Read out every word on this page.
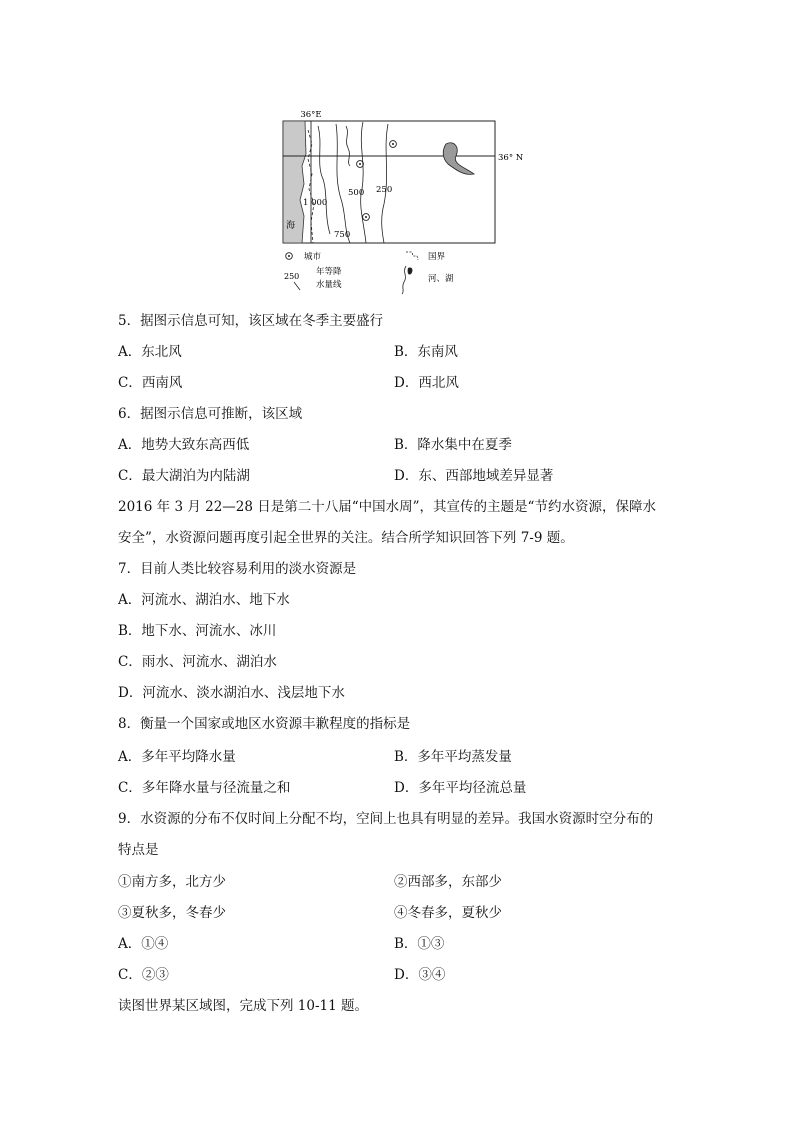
36°E
36° N
海
1 000
750
500 250
城市	国界
250 年等降
水量线
河、湖
5．据图示信息可知，该区域在冬季主要盛行
A．东北风	B．东南风
C．西南风	D．西北风
6．据图示信息可推断，该区域
A．地势大致东高西低	B．降水集中在夏季
C．最大湖泊为内陆湖	D．东、西部地域差异显著
2016 年 3 月 22—28 日是第二十八届“中国水周”，其宣传的主题是“节约水资源，保障水
安全”，水资源问题再度引起全世界的关注。结合所学知识回答下列 7-9 题。
7．目前人类比较容易利用的淡水资源是
A．河流水、湖泊水、地下水
B．地下水、河流水、冰川
C．雨水、河流水、湖泊水
D．河流水、淡水湖泊水、浅层地下水
8．衡量一个国家或地区水资源丰歉程度的指标是
A．多年平均降水量	B．多年平均蒸发量
C．多年降水量与径流量之和	D．多年平均径流总量
9．水资源的分布不仅时间上分配不均，空间上也具有明显的差异。我国水资源时空分布的
特点是
①南方多，北方少	②西部多，东部少
③夏秋多，冬春少	④冬春多，夏秋少
A．①④	B．①③
C．②③	D．③④
读图世界某区域图，完成下列 10-11 题。
